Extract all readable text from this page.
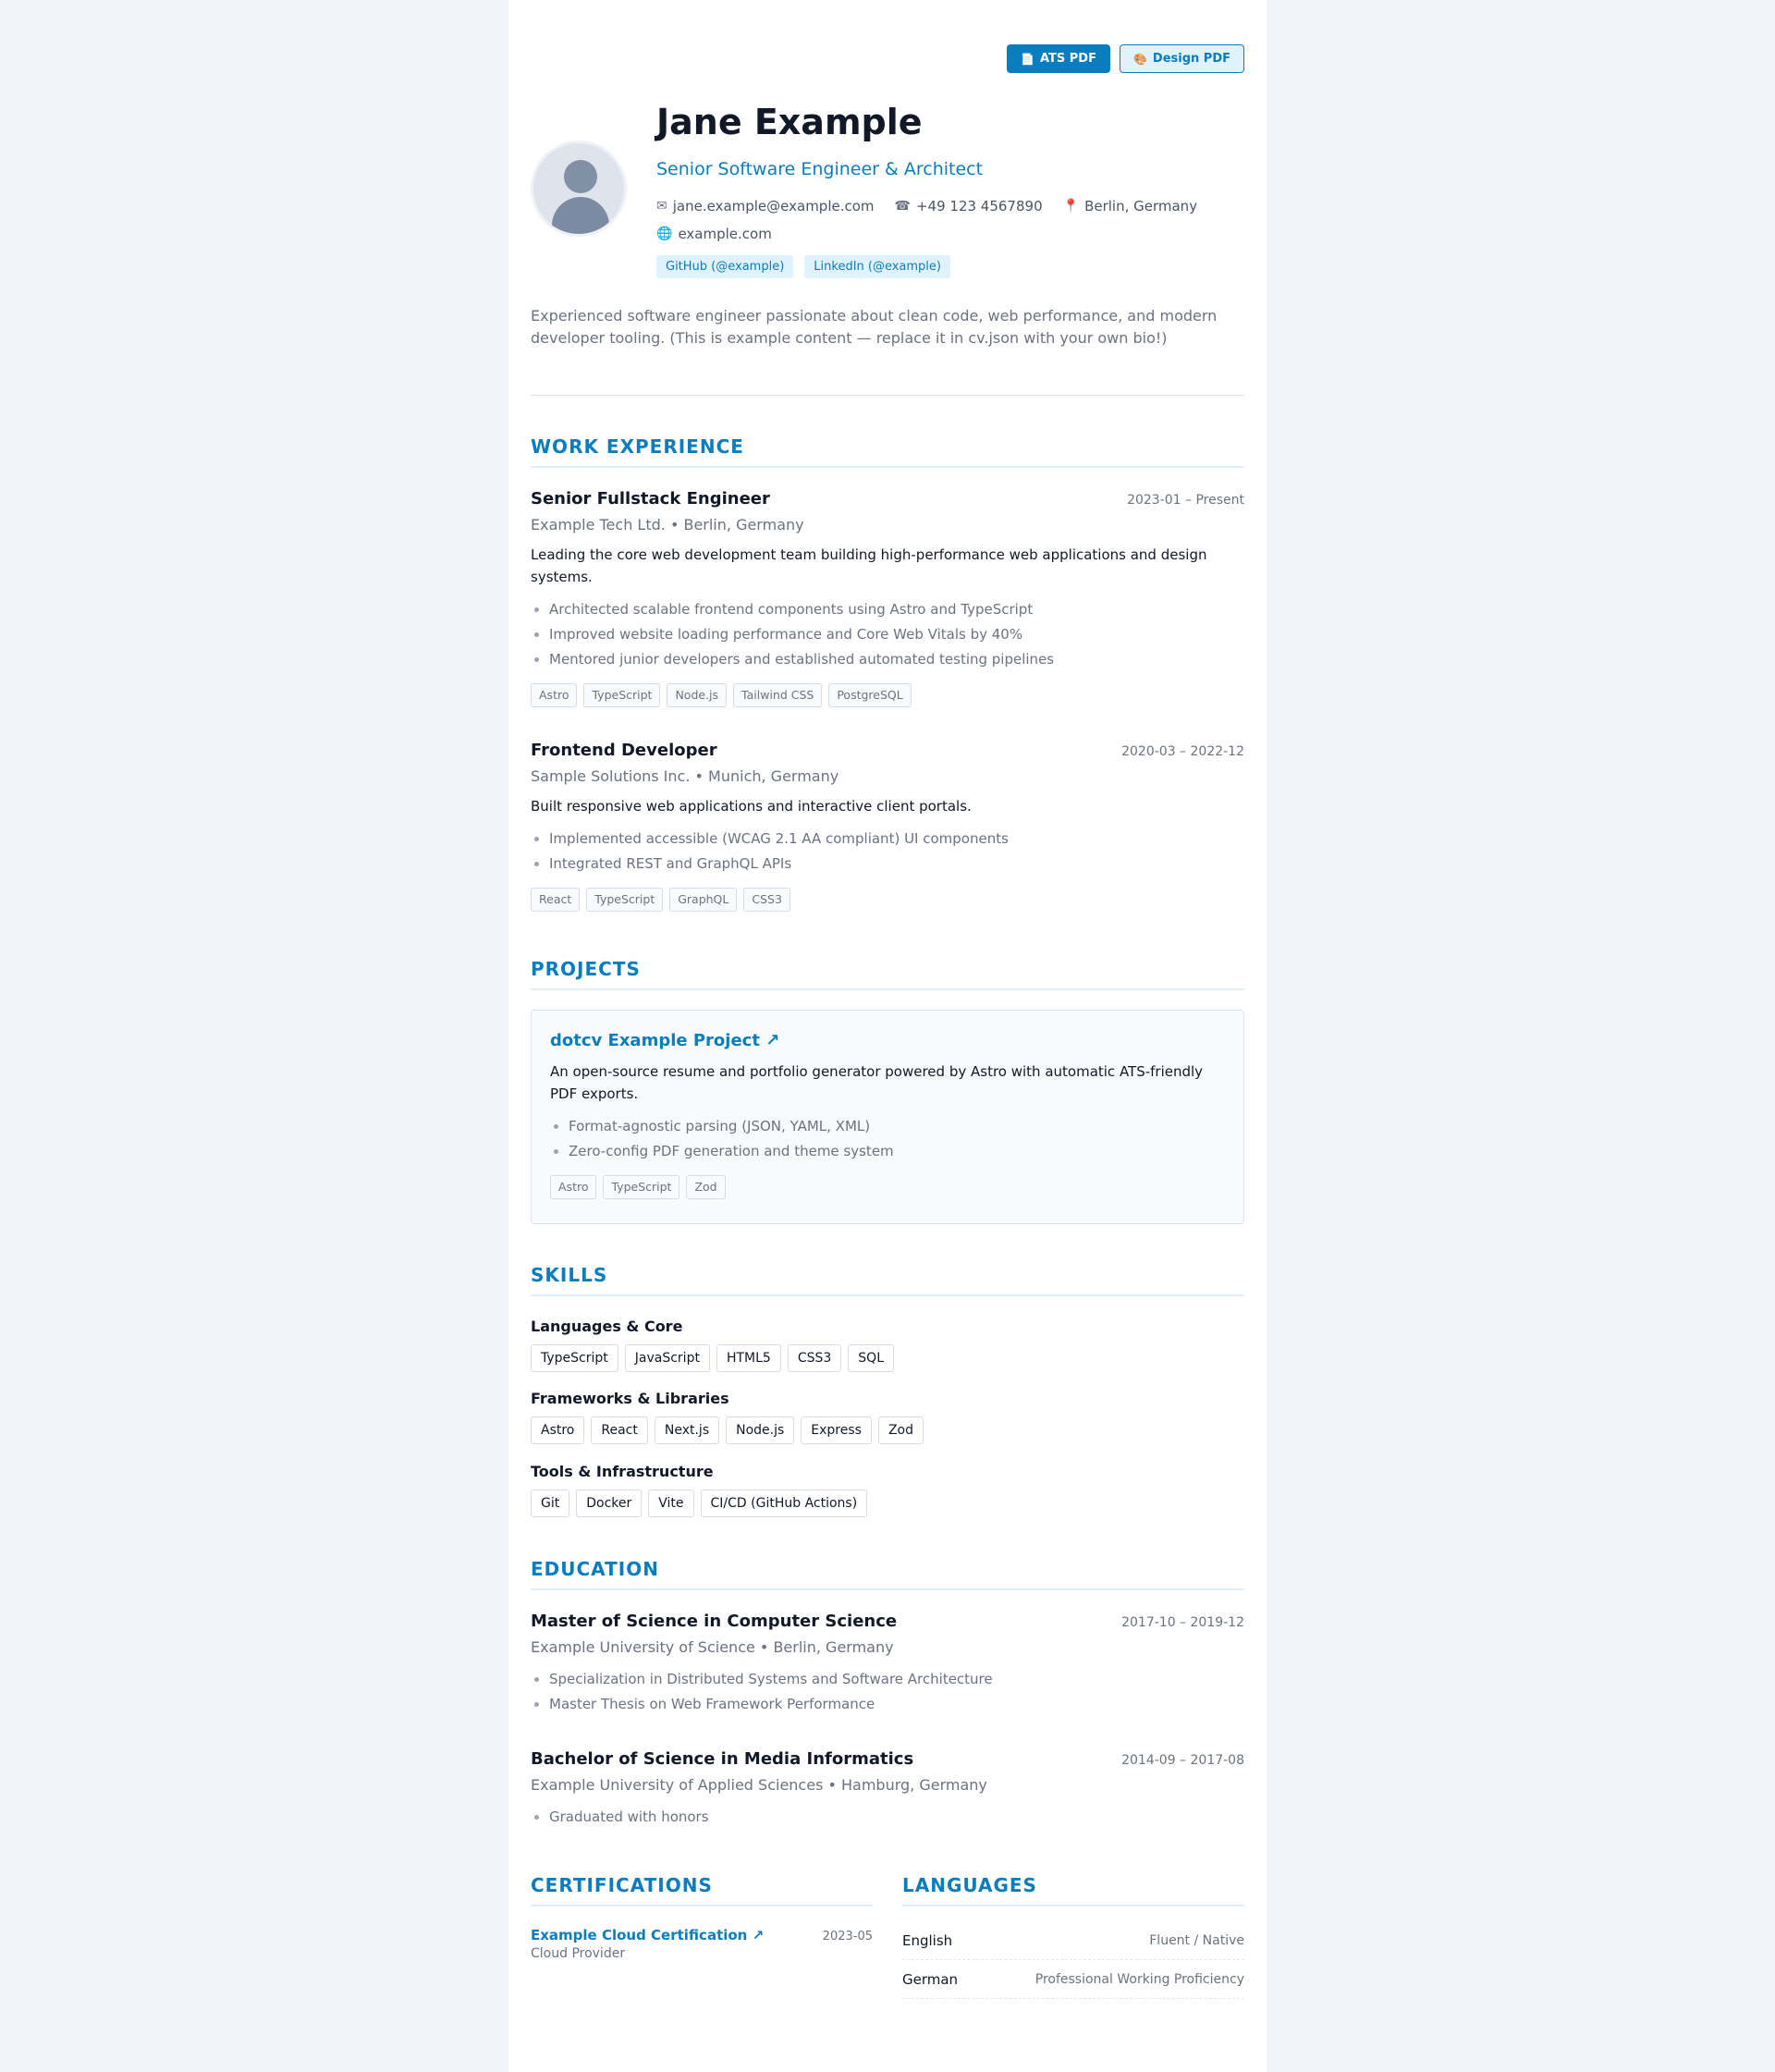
📄 ATS PDF	🎨 Design PDF
Jane Example
Senior Software Engineer & Architect
✉ jane.example@example.com ☎ +49 123 4567890 📍 Berlin, Germany
🌐 example.com
GitHub (@example)	LinkedIn (@example)
Experienced software engineer passionate about clean code, web performance, and modern developer tooling. (This is example content — replace it in cv.json with your own bio!)
WORK EXPERIENCE
Senior Fullstack Engineer	2023-01 – Present
Example Tech Ltd. • Berlin, Germany
Leading the core web development team building high-performance web applications and design systems.
• Architected scalable frontend components using Astro and TypeScript
• Improved website loading performance and Core Web Vitals by 40%
• Mentored junior developers and established automated testing pipelines
Astro	TypeScript	Node.js	Tailwind CSS	PostgreSQL
Frontend Developer	2020-03 – 2022-12
Sample Solutions Inc. • Munich, Germany
Built responsive web applications and interactive client portals.
• Implemented accessible (WCAG 2.1 AA compliant) UI components
• Integrated REST and GraphQL APIs
React	TypeScript	GraphQL	CSS3
PROJECTS
dotcv Example Project ↗
An open-source resume and portfolio generator powered by Astro with automatic ATS-friendly PDF exports.
• Format-agnostic parsing (JSON, YAML, XML)
• Zero-config PDF generation and theme system
Astro	TypeScript	Zod
SKILLS
Languages & Core
TypeScript	JavaScript	HTML5	CSS3	SQL
Frameworks & Libraries
Astro	React	Next.js	Node.js	Express	Zod
Tools & Infrastructure
Git	Docker	Vite	CI/CD (GitHub Actions)
EDUCATION
Master of Science in Computer Science	2017-10 – 2019-12
Example University of Science • Berlin, Germany
• Specialization in Distributed Systems and Software Architecture
• Master Thesis on Web Framework Performance
Bachelor of Science in Media Informatics	2014-09 – 2017-08
Example University of Applied Sciences • Hamburg, Germany
• Graduated with honors
CERTIFICATIONS	LANGUAGES
Example Cloud Certification ↗	2023-05
Cloud Provider
English	Fluent / Native
German	Professional Working Proficiency
